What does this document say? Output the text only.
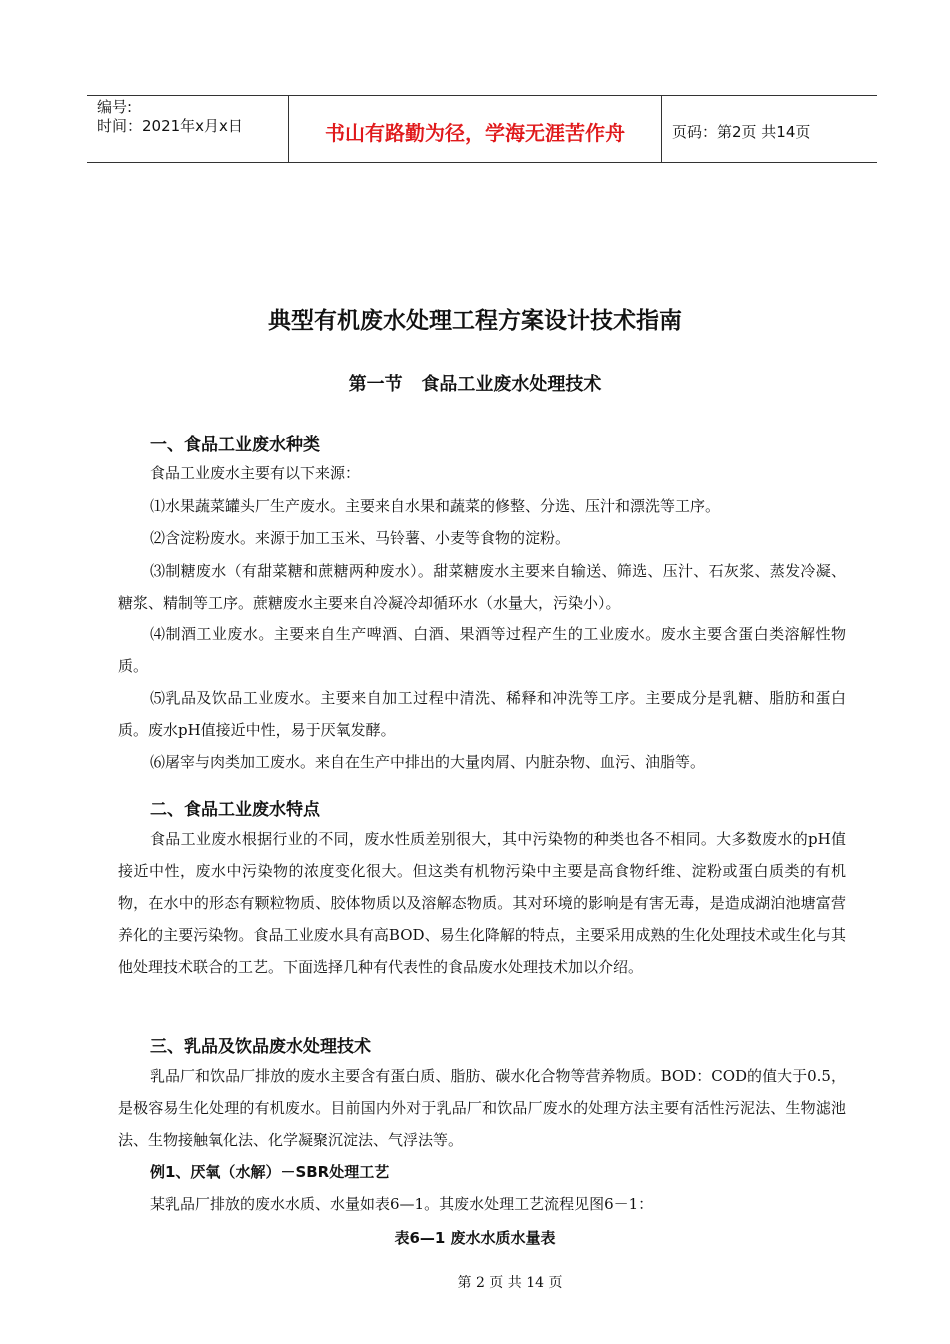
编号:
时间：2021年x月x日	书山有路勤为径，学海无涯苦作舟	页码：第2页 共14页
典型有机废水处理工程方案设计技术指南
第一节   食品工业废水处理技术
一、食品工业废水种类

食品工业废水主要有以下来源：

⑴水果蔬菜罐头厂生产废水。主要来自水果和蔬菜的修整、分选、压汁和漂洗等工序。

⑵含淀粉废水。来源于加工玉米、马铃薯、小麦等食物的淀粉。

⑶制糖废水（有甜菜糖和蔗糖两种废水）。甜菜糖废水主要来自输送、筛选、压汁、石灰浆、蒸发冷凝、糖浆、精制等工序。蔗糖废水主要来自冷凝冷却循环水（水量大，污染小）。

⑷制酒工业废水。主要来自生产啤酒、白酒、果酒等过程产生的工业废水。废水主要含蛋白类溶解性物质。

⑸乳品及饮品工业废水。主要来自加工过程中清洗、稀释和冲洗等工序。主要成分是乳糖、脂肪和蛋白质。废水pH值接近中性，易于厌氧发酵。

⑹屠宰与肉类加工废水。来自在生产中排出的大量肉屑、内脏杂物、血污、油脂等。

二、食品工业废水特点

食品工业废水根据行业的不同，废水性质差别很大，其中污染物的种类也各不相同。大多数废水的pH值接近中性，废水中污染物的浓度变化很大。但这类有机物污染中主要是高食物纤维、淀粉或蛋白质类的有机物，在水中的形态有颗粒物质、胶体物质以及溶解态物质。其对环境的影响是有害无毒，是造成湖泊池塘富营养化的主要污染物。食品工业废水具有高BOD、易生化降解的特点，主要采用成熟的生化处理技术或生化与其他处理技术联合的工艺。下面选择几种有代表性的食品废水处理技术加以介绍。

三、乳品及饮品废水处理技术

乳品厂和饮品厂排放的废水主要含有蛋白质、脂肪、碳水化合物等营养物质。BOD：COD的值大于0.5，是极容易生化处理的有机废水。目前国内外对于乳品厂和饮品厂废水的处理方法主要有活性污泥法、生物滤池法、生物接触氧化法、化学凝聚沉淀法、气浮法等。

例1、厌氧（水解）－SBR处理工艺

某乳品厂排放的废水水质、水量如表6—1。其废水处理工艺流程见图6－1：

表6—1 废水水质水量表
第 2 页 共 14 页
